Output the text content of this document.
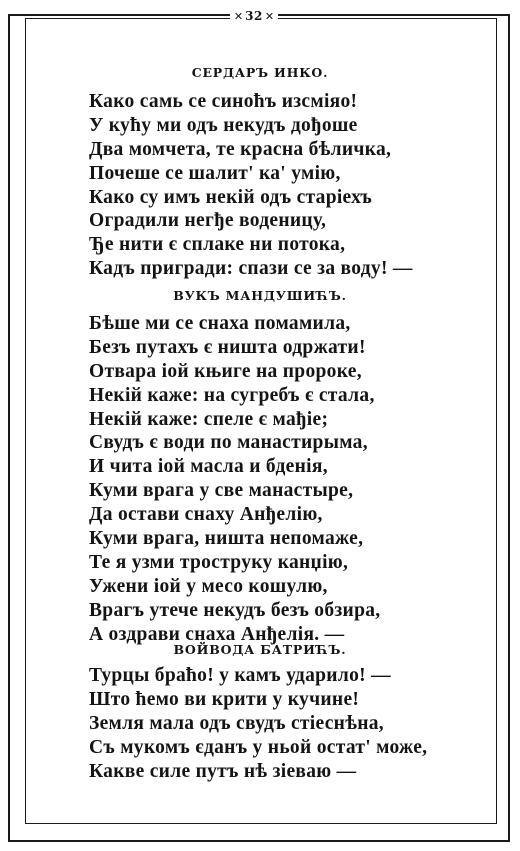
✕ 32 ✕
СЕРДАРЪ ИНКО.
Како самь се синоћъ изсміяо!
У кућу ми одъ некудъ дођоше
Два момчета, те красна бѣличка,
Почеше се шалит' ка' умію,
Како су имъ некій одъ старіехъ
Оградили негђе воденицу,
Ђе нити є сплаке ни потока,
Кадъ пригради: спази се за воду! —
ВУКЪ МАНДУШИЋЪ.
Бѣше ми се снаха помамила,
Безъ путахъ є ништа одржати!
Отвара іой књиге на пророке,
Некій каже: на сугребъ є стала,
Некій каже: спеле є мађіе;
Свудъ є води по манастирыма,
И чита іой масла и бденія,
Куми врага у све манастыре,
Да остави снаху Анђелію,
Куми врага, ништа непомаже,
Те я узми троструку канџію,
Ужени іой у месо кошулю,
Врагъ утече некудъ безъ обзира,
А оздрави снаха Анђелія. —
ВОЙВОДА БАТРИЋЪ.
Турцы браћо! у камъ ударило! —
Што ћемо ви крити у кучине!
Земля мала одъ свудъ стіеснѣна,
Съ мукомъ єданъ у ньой остат' може,
Какве силе путъ нѣ зіеваю —
